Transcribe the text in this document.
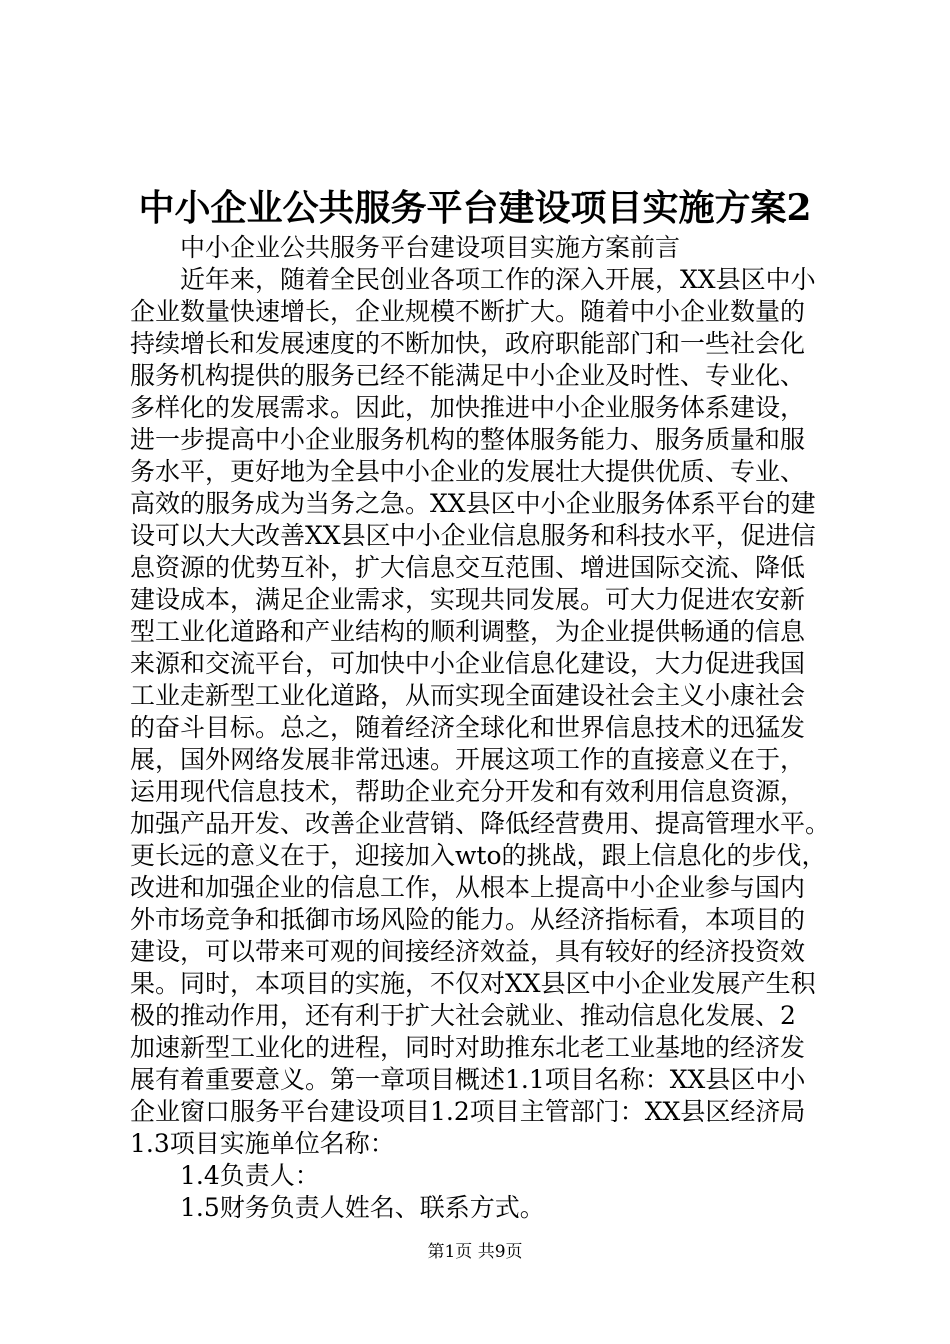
中小企业公共服务平台建设项目实施方案2
中小企业公共服务平台建设项目实施方案前言
近年来，随着全民创业各项工作的深入开展，XX县区中小
企业数量快速增长，企业规模不断扩大。随着中小企业数量的
持续增长和发展速度的不断加快，政府职能部门和一些社会化
服务机构提供的服务已经不能满足中小企业及时性、专业化、
多样化的发展需求。因此，加快推进中小企业服务体系建设，
进一步提高中小企业服务机构的整体服务能力、服务质量和服
务水平，更好地为全县中小企业的发展壮大提供优质、专业、
高效的服务成为当务之急。XX县区中小企业服务体系平台的建
设可以大大改善XX县区中小企业信息服务和科技水平，促进信
息资源的优势互补，扩大信息交互范围、增进国际交流、降低
建设成本，满足企业需求，实现共同发展。可大力促进农安新
型工业化道路和产业结构的顺利调整，为企业提供畅通的信息
来源和交流平台，可加快中小企业信息化建设，大力促进我国
工业走新型工业化道路，从而实现全面建设社会主义小康社会
的奋斗目标。总之，随着经济全球化和世界信息技术的迅猛发
展，国外网络发展非常迅速。开展这项工作的直接意义在于，
运用现代信息技术，帮助企业充分开发和有效利用信息资源，
加强产品开发、改善企业营销、降低经营费用、提高管理水平。
更长远的意义在于，迎接加入wto的挑战，跟上信息化的步伐，
改进和加强企业的信息工作，从根本上提高中小企业参与国内
外市场竞争和抵御市场风险的能力。从经济指标看，本项目的
建设，可以带来可观的间接经济效益，具有较好的经济投资效
果。同时，本项目的实施，不仅对XX县区中小企业发展产生积
极的推动作用，还有利于扩大社会就业、推动信息化发展、2
加速新型工业化的进程，同时对助推东北老工业基地的经济发
展有着重要意义。第一章项目概述1.1项目名称：XX县区中小
企业窗口服务平台建设项目1.2项目主管部门：XX县区经济局
1.3项目实施单位名称：
1.4负责人：
1.5财务负责人姓名、联系方式。
第1页 共9页
